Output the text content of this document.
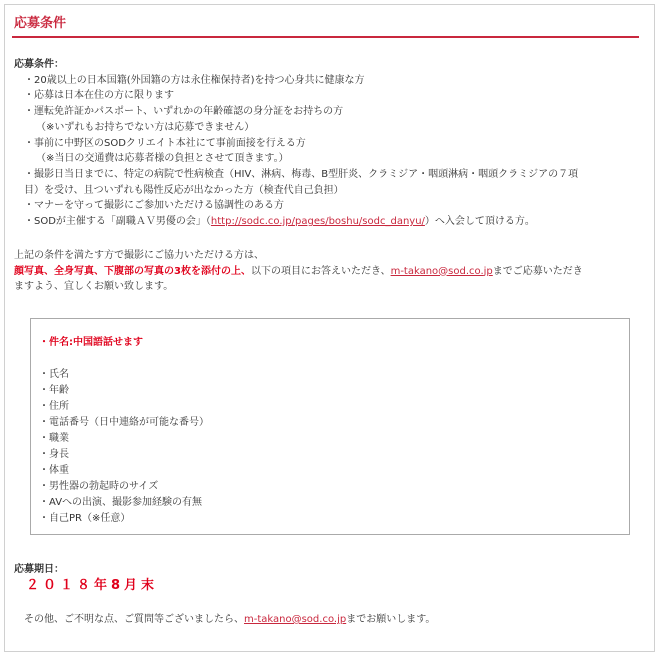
応募条件
応募条件：
・20歳以上の日本国籍(外国籍の方は永住権保持者)を持つ心身共に健康な方
・応募は日本在住の方に限ります
・運転免許証かパスポート、いずれかの年齢確認の身分証をお持ちの方
（※いずれもお持ちでない方は応募できません）
・事前に中野区のSODクリエイト本社にて事前面接を行える方
（※当日の交通費は応募者様の負担とさせて頂きます。）
・撮影日当日までに、特定の病院で性病検査（HIV、淋病、梅毒、B型肝炎、クラミジア・咽頭淋病・咽頭クラミジアの７項
目）を受け、且ついずれも陽性反応が出なかった方（検査代自己負担）
・マナーを守って撮影にご参加いただける協調性のある方
・SODが主催する「副職ＡＶ男優の会」（http://sodc.co.jp/pages/boshu/sodc_danyu/）へ入会して頂ける方。
上記の条件を満たす方で撮影にご協力いただける方は、
顔写真、全身写真、下腹部の写真の3枚を添付の上、以下の項目にお答えいただき、m-takano@sod.co.jpまでご応募いただき
ますよう、宜しくお願い致します。
・件名:中国語話せます
・氏名
・年齢
・住所
・電話番号（日中連絡が可能な番号）
・職業
・身長
・体重
・男性器の勃起時のサイズ
・AVへの出演、撮影参加経験の有無
・自己PR（※任意）
応募期日：
２０１８年8月末
その他、ご不明な点、ご質問等ございましたら、m-takano@sod.co.jpまでお願いします。
